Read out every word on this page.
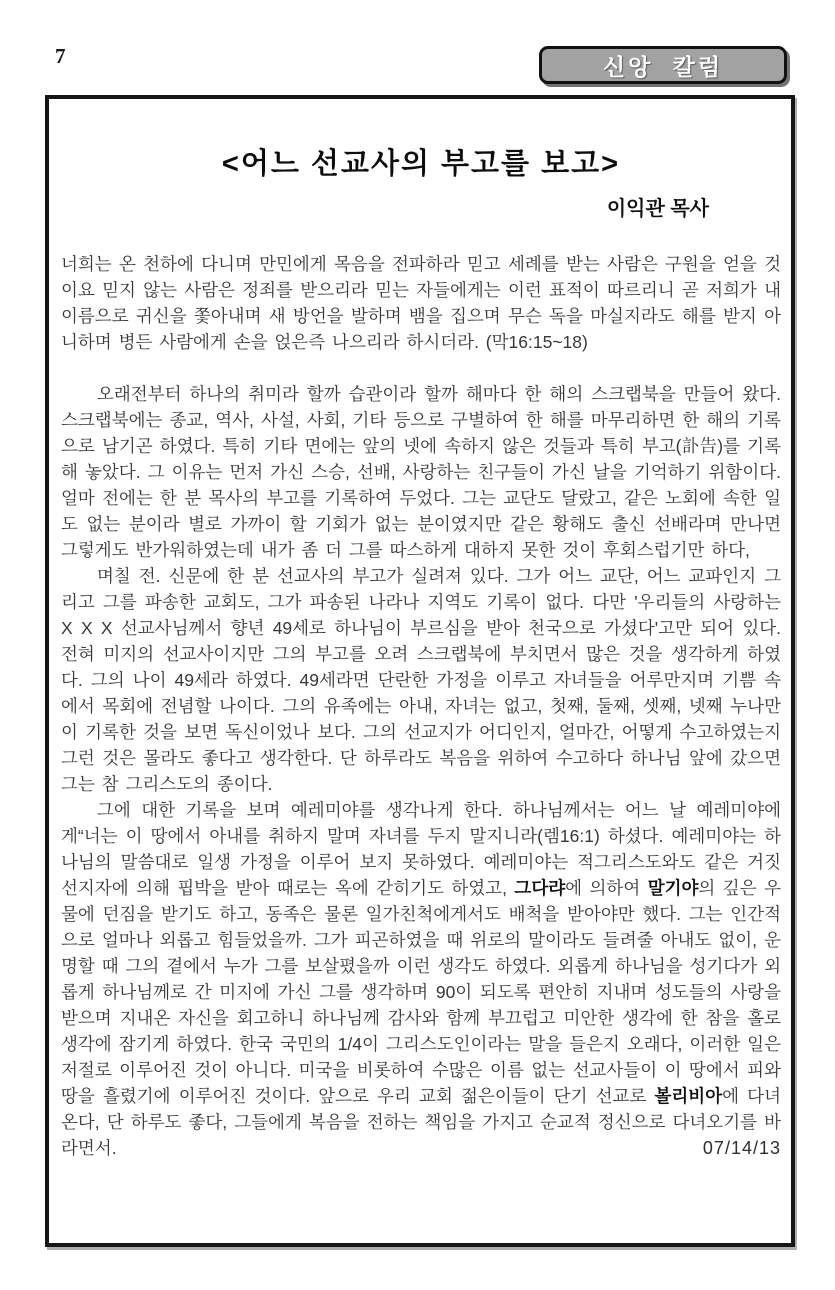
7	신앙 칼럼
<어느 선교사의 부고를 보고>
이익관 목사

너희는 온 천하에 다니며 만민에게 목음을 전파하라 믿고 세례를 받는 사람은 구원을 얻을 것이요 믿지 않는 사람은 정죄를 받으리라 믿는 자들에게는 이런 표적이 따르리니 곧 저희가 내 이름으로 귀신을 쫓아내며 새 방언을 발하며 뱀을 집으며 무슨 독을 마실지라도 해를 받지 아니하며 병든 사람에게 손을 얹은즉 나으리라 하시더라. (막16:15~18)

오래전부터 하나의 취미라 할까 습관이라 할까 해마다 한 해의 스크랩북을 만들어 왔다. 스크랩북에는 종교, 역사, 사설, 사회, 기타 등으로 구별하여 한 해를 마무리하면 한 해의 기록으로 남기곤 하였다. 특히 기타 면에는 앞의 넷에 속하지 않은 것들과 특히 부고(訃告)를 기록해 놓았다. 그 이유는 먼저 가신 스승, 선배, 사랑하는 친구들이 가신 날을 기억하기 위함이다. 얼마 전에는 한 분 목사의 부고를 기록하여 두었다. 그는 교단도 달랐고, 같은 노회에 속한 일도 없는 분이라 별로 가까이 할 기회가 없는 분이였지만 같은 황해도 출신 선배라며 만나면 그렇게도 반가워하였는데 내가 좀 더 그를 따스하게 대하지 못한 것이 후회스럽기만 하다,

며칠 전. 신문에 한 분 선교사의 부고가 실려져 있다. 그가 어느 교단, 어느 교파인지 그리고 그를 파송한 교회도, 그가 파송된 나라나 지역도 기록이 없다. 다만 '우리들의 사랑하는 X X X 선교사님께서 향년 49세로 하나님이 부르심을 받아 천국으로 가셨다'고만 되어 있다. 전혀 미지의 선교사이지만 그의 부고를 오려 스크랩북에 부치면서 많은 것을 생각하게 하였다. 그의 나이 49세라 하였다. 49세라면 단란한 가정을 이루고 자녀들을 어루만지며 기쁨 속에서 목회에 전념할 나이다. 그의 유족에는 아내, 자녀는 없고, 첫째, 둘째, 셋째, 넷째 누나만이 기록한 것을 보면 독신이었나 보다. 그의 선교지가 어디인지, 얼마간, 어떻게 수고하였는지 그런 것은 몰라도 좋다고 생각한다. 단 하루라도 복음을 위하여 수고하다 하나님 앞에 갔으면 그는 참 그리스도의 종이다.

그에 대한 기록을 보며 예레미야를 생각나게 한다. 하나님께서는 어느 날 예레미야에게“너는 이 땅에서 아내를 취하지 말며 자녀를 두지 말지니라(렘16:1) 하셨다. 예레미야는 하나님의 말씀대로 일생 가정을 이루어 보지 못하였다. 예레미야는 적그리스도와도 같은 거짓 선지자에 의해 핍박을 받아 때로는 옥에 갇히기도 하였고, 그다랴에 의하여 말기야의 깊은 우물에 던짐을 받기도 하고, 동족은 물론 일가친척에게서도 배척을 받아야만 했다. 그는 인간적으로 얼마나 외롭고 힘들었을까. 그가 피곤하였을 때 위로의 말이라도 들려줄 아내도 없이, 운명할 때 그의 곁에서 누가 그를 보살폈을까 이런 생각도 하였다. 외롭게 하나님을 성기다가 외롭게 하나님께로 간 미지에 가신 그를 생각하며 90이 되도록 편안히 지내며 성도들의 사랑을 받으며 지내온 자신을 회고하니 하나님께 감사와 함께 부끄럽고 미안한 생각에 한 참을 홀로 생각에 잠기게 하였다. 한국 국민의 1/4이 그리스도인이라는 말을 들은지 오래다, 이러한 일은 저절로 이루어진 것이 아니다. 미국을 비롯하여 수많은 이름 없는 선교사들이 이 땅에서 피와 땅을 흘렸기에 이루어진 것이다. 앞으로 우리 교회 젊은이들이 단기 선교로 볼리비아에 다녀온다, 단 하루도 좋다, 그들에게 복음을 전하는 책임을 가지고 순교적 정신으로 다녀오기를 바라면서.	07/14/13
